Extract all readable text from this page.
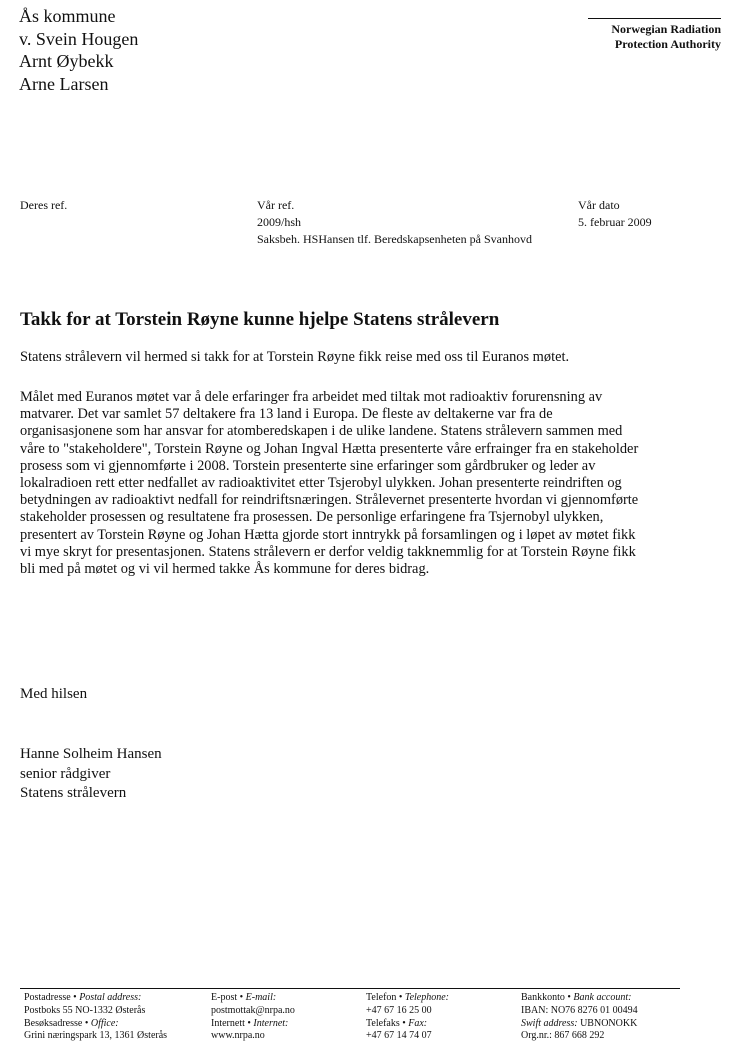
Ås kommune
v. Svein Hougen
Arnt Øybekk
Arne Larsen
Norwegian Radiation
Protection Authority
Deres ref.	Vår ref.
2009/hsh
Saksbeh. HSHansen tlf. Beredskapsenheten på Svanhovd
Vår dato
5. februar 2009
Takk for at Torstein Røyne kunne hjelpe Statens strålevern
Statens strålevern vil hermed si takk for at Torstein Røyne fikk reise med oss til Euranos møtet.
Målet med Euranos møtet var å dele erfaringer fra arbeidet med tiltak mot radioaktiv forurensning av
matvarer. Det var samlet 57 deltakere fra 13 land i Europa. De fleste av deltakerne var fra de
organisasjonene som har ansvar for atomberedskapen i de ulike landene. Statens strålevern sammen med
våre to "stakeholdere", Torstein Røyne og Johan Ingval Hætta presenterte våre erfrainger fra en stakeholder
prosess som vi gjennomførte i 2008. Torstein presenterte sine erfaringer som gårdbruker og leder av
lokalradioen rett etter nedfallet av radioaktivitet etter Tsjerobyl ulykken. Johan presenterte reindriften og
betydningen av radioaktivt nedfall for reindriftsnæringen. Strålevernet presenterte hvordan vi gjennomførte
stakeholder prosessen og resultatene fra prosessen. De personlige erfaringene fra Tsjernobyl ulykken,
presentert av Torstein Røyne og Johan Hætta gjorde stort inntrykk på forsamlingen og i løpet av møtet fikk
vi mye skryt for presentasjonen. Statens strålevern er derfor veldig takknemmlig for at Torstein Røyne fikk
bli med på møtet og vi vil hermed takke Ås kommune for deres bidrag.
Med hilsen
Hanne Solheim Hansen
senior rådgiver
Statens strålevern
Postadresse • Postal address:
Postboks 55 NO-1332 Østerås
Besøksadresse • Office:
Grini næringspark 13, 1361 Østerås
E-post • E-mail:
postmottak@nrpa.no
Internett • Internet:
www.nrpa.no
Telefon • Telephone:
+47 67 16 25 00
Telefaks • Fax:
+47 67 14 74 07
Bankkonto • Bank account:
IBAN: NO76 8276 01 00494
Swift address: UBNONOKK
Org.nr.: 867 668 292
